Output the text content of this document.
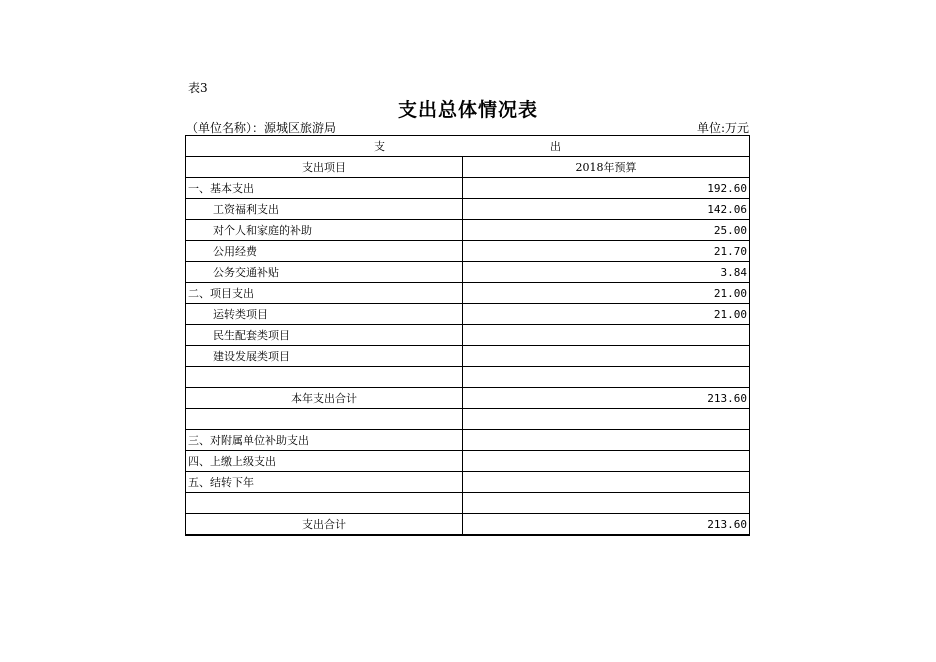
表3
支出总体情况表
（单位名称）：源城区旅游局	单位:万元
支 出	

支出项目	2018年预算
一、基本支出	192.60
工资福利支出	142.06
对个人和家庭的补助	25.00
公用经费	21.70
公务交通补贴	3.84
二、项目支出	21.00
运转类项目	21.00
民生配套类项目	
建设发展类项目	

本年支出合计	213.60

三、对附属单位补助支出	
四、上缴上级支出	
五、结转下年	

支出合计	213.60
